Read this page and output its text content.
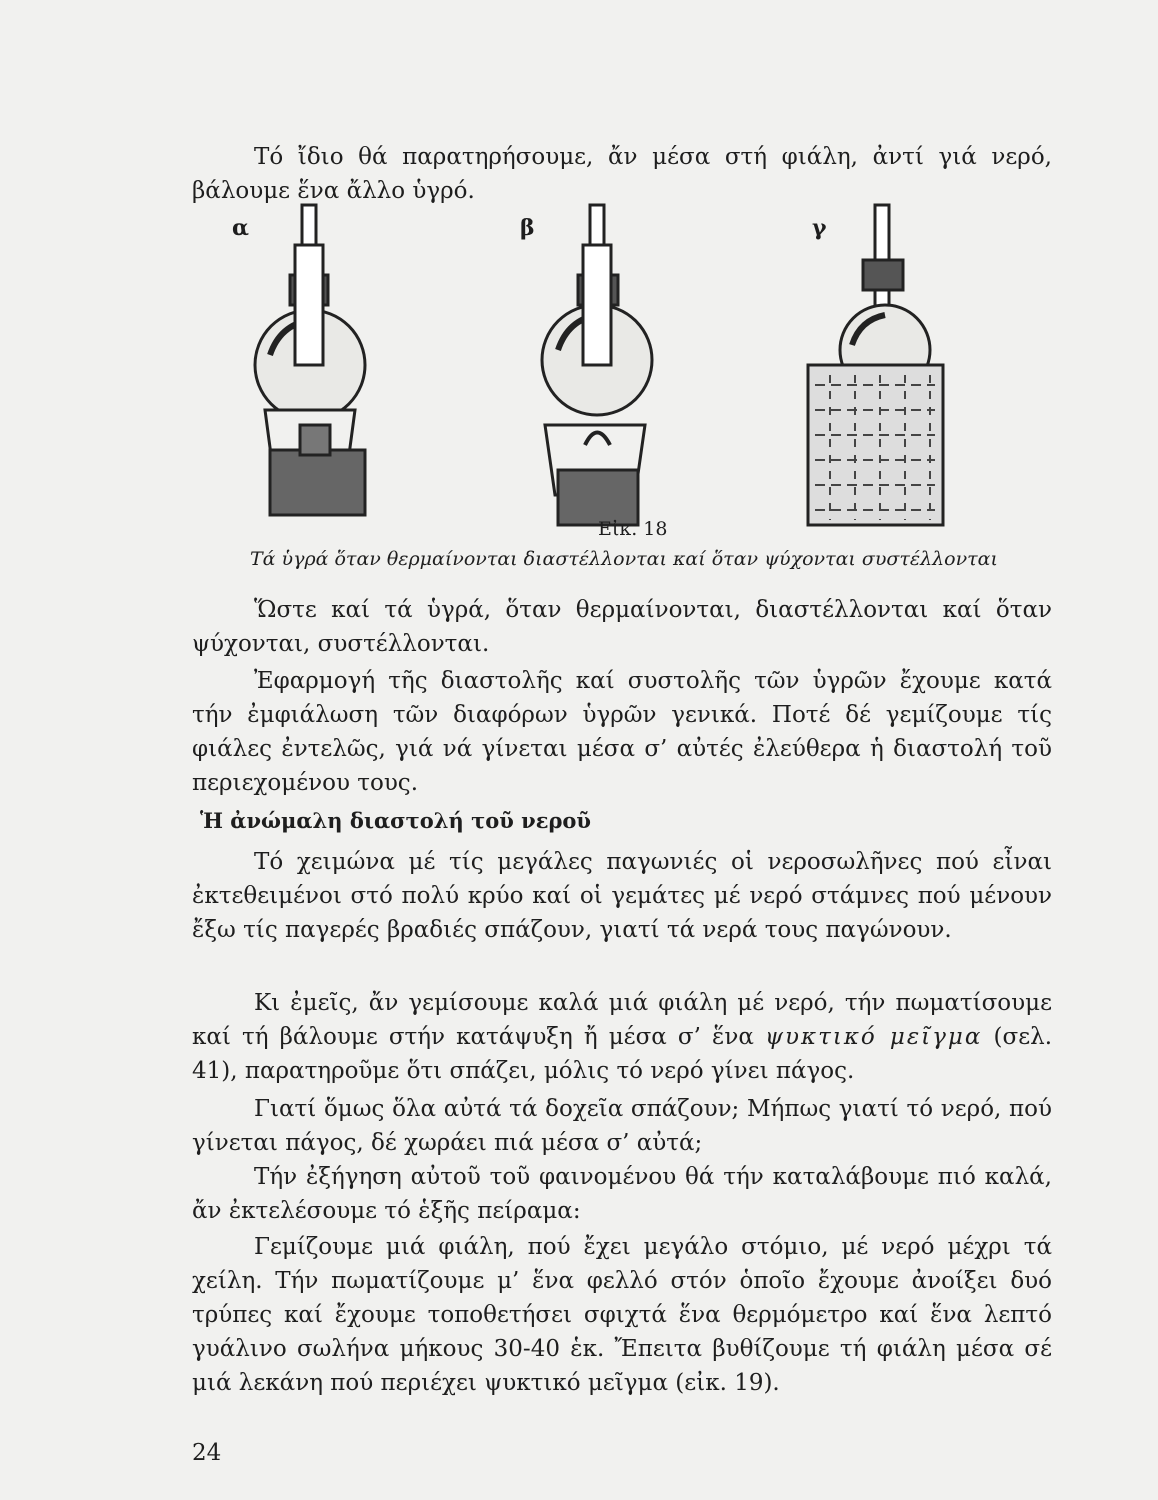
Τό ἴδιο θά παρατηρήσουμε, ἄν μέσα στή φιάλη, ἀντί γιά νερό, βάλουμε ἕνα ἄλλο ὑγρό.

α	β	γ
Εἰκ. 18

Τά ὑγρά ὅταν θερμαίνονται διαστέλλονται καί ὅταν ψύχονται συστέλλονται

Ὥστε καί τά ὑγρά, ὅταν θερμαίνονται, διαστέλλονται καί ὅταν ψύχονται, συστέλλονται.

Ἐφαρμογή τῆς διαστολῆς καί συστολῆς τῶν ὑγρῶν ἔχουμε κατά τήν ἐμφιάλωση τῶν διαφόρων ὑγρῶν γενικά. Ποτέ δέ γεμίζουμε τίς φιάλες ἐντελῶς, γιά νά γίνεται μέσα σ’ αὐτές ἐλεύθερα ἡ διαστολή τοῦ περιεχομένου τους.

Ἡ ἀνώμαλη διαστολή τοῦ νεροῦ

Τό χειμώνα μέ τίς μεγάλες παγωνιές οἱ νεροσωλῆνες πού εἶναι ἐκτεθειμένοι στό πολύ κρύο καί οἱ γεμάτες μέ νερό στάμνες πού μένουν ἔξω τίς παγερές βραδιές σπάζουν, γιατί τά νερά τους παγώνουν.

Κι ἐμεῖς, ἄν γεμίσουμε καλά μιά φιάλη μέ νερό, τήν πωματίσουμε καί τή βάλουμε στήν κατάψυξη ἤ μέσα σ’ ἕνα ψυκτικό μεῖγμα (σελ. 41), παρατηροῦμε ὅτι σπάζει, μόλις τό νερό γίνει πάγος.

Γιατί ὅμως ὅλα αὐτά τά δοχεῖα σπάζουν; Μήπως γιατί τό νερό, πού γίνεται πάγος, δέ χωράει πιά μέσα σ’ αὐτά;

Τήν ἐξήγηση αὐτοῦ τοῦ φαινομένου θά τήν καταλάβουμε πιό καλά, ἄν ἐκτελέσουμε τό ἑξῆς πείραμα:

Γεμίζουμε μιά φιάλη, πού ἔχει μεγάλο στόμιο, μέ νερό μέχρι τά χείλη. Τήν πωματίζουμε μ’ ἕνα φελλό στόν ὁποῖο ἔχουμε ἀνοίξει δυό τρύπες καί ἔχουμε τοποθετήσει σφιχτά ἕνα θερμόμετρο καί ἕνα λεπτό γυάλινο σωλήνα μήκους 30-40 ἑκ. Ἔπειτα βυθίζουμε τή φιάλη μέσα σέ μιά λεκάνη πού περιέχει ψυκτικό μεῖγμα (εἰκ. 19).

24
